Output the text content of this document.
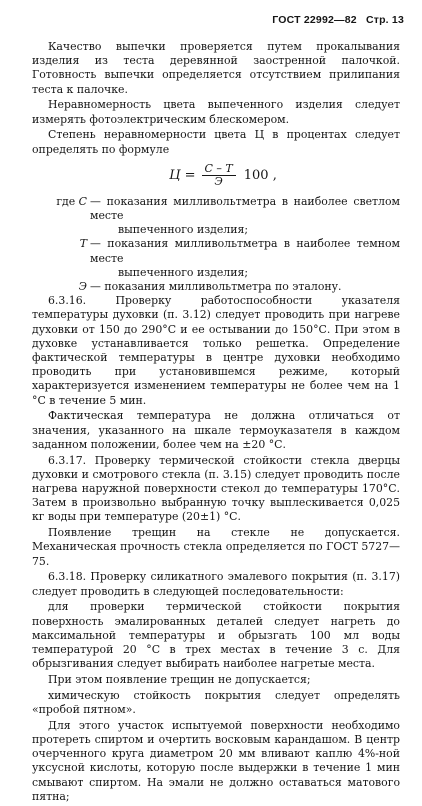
ГОСТ 22992—82 Стр. 13

Качество выпечки проверяется путем прокалывания изделия из теста деревянной заостренной палочкой. Готовность выпечки определяется отсутствием прилипания теста к палочке.

Неравномерность цвета выпеченного изделия следует измерять фотоэлектрическим блескомером.

Степень неравномерности цвета Ц в процентах следует определять по формуле

$Ц = \frac{C - T}{Э} 100$ ,
где C — показания милливольтметра в наиболее светлом месте
выпеченного изделия;
T — показания милливольтметра в наиболее темном месте
выпеченного изделия;
Э — показания милливольтметра по эталону.

6.3.16. Проверку работоспособности указателя температуры духовки (п. 3.12) следует проводить при нагреве духовки от 150 до 290°С и ее остывании до 150°С. При этом в духовке устанавливается только решетка. Определение фактической температуры в центре духовки необходимо проводить при установившемся режиме, который характеризуется изменением температуры не более чем на 1 °С в течение 5 мин.

Фактическая температура не должна отличаться от значения, указанного на шкале термоуказателя в каждом заданном положении, более чем на ±20 °С.

6.3.17. Проверку термической стойкости стекла дверцы духовки и смотрового стекла (п. 3.15) следует проводить после нагрева наружной поверхности стекол до температуры 170°С. Затем в произвольно выбранную точку выплескивается 0,025 кг воды при температуре (20±1) °С.

Появление трещин на стекле не допускается. Механическая прочность стекла определяется по ГОСТ 5727—75.

6.3.18. Проверку силикатного эмалевого покрытия (п. 3.17) следует проводить в следующей последовательности:

для проверки термической стойкости покрытия поверхность эмалированных деталей следует нагреть до максимальной температуры и обрызгать 100 мл воды температурой 20 °С в трех местах в течение 3 с. Для обрызгивания следует выбирать наиболее нагретые места.

При этом появление трещин не допускается;

химическую стойкость покрытия следует определять «пробой пятном».

Для этого участок испытуемой поверхности необходимо протереть спиртом и очертить восковым карандашом. В центр очерченного круга диаметром 20 мм вливают каплю 4%-ной уксусной кислоты, которую после выдержки в течение 1 мин смывают спиртом. На эмали не должно оставаться матового пятна;
